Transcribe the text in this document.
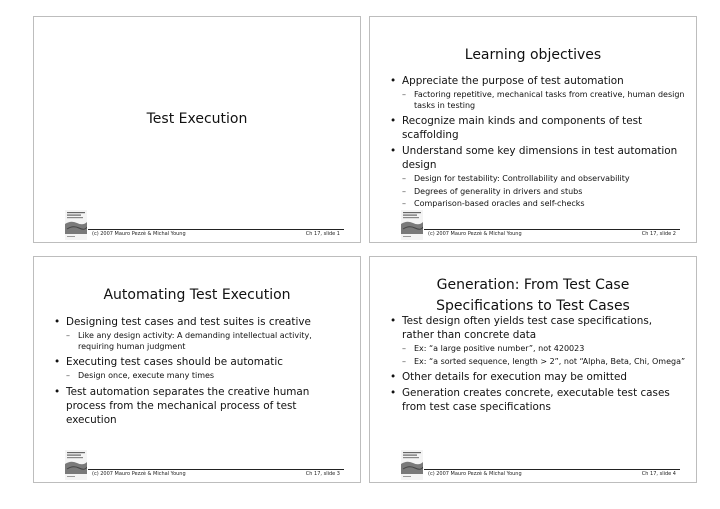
Test Execution
(c) 2007 Mauro Pezzè & Michal Young	Ch 17, slide 1
Learning objectives
• Appreciate the purpose of test automation
– Factoring repetitive, mechanical tasks from creative, human design tasks in testing
• Recognize main kinds and components of test scaffolding
• Understand some key dimensions in test automation design
– Design for testability: Controllability and observability
– Degrees of generality in drivers and stubs
– Comparison-based oracles and self-checks
(c) 2007 Mauro Pezzè & Michal Young	Ch 17, slide 2
Automating Test Execution
• Designing test cases and test suites is creative
– Like any design activity: A demanding intellectual activity, requiring human judgment
• Executing test cases should be automatic
– Design once, execute many times
• Test automation separates the creative human process from the mechanical process of test execution
(c) 2007 Mauro Pezzè & Michal Young	Ch 17, slide 3
Generation: From Test Case
Specifications to Test Cases
• Test design often yields test case specifications, rather than concrete data
– Ex: “a large positive number”, not 420023
– Ex: “a sorted sequence, length > 2”, not “Alpha, Beta, Chi, Omega”
• Other details for execution may be omitted
• Generation creates concrete, executable test cases from test case specifications
(c) 2007 Mauro Pezzè & Michal Young	Ch 17, slide 4
